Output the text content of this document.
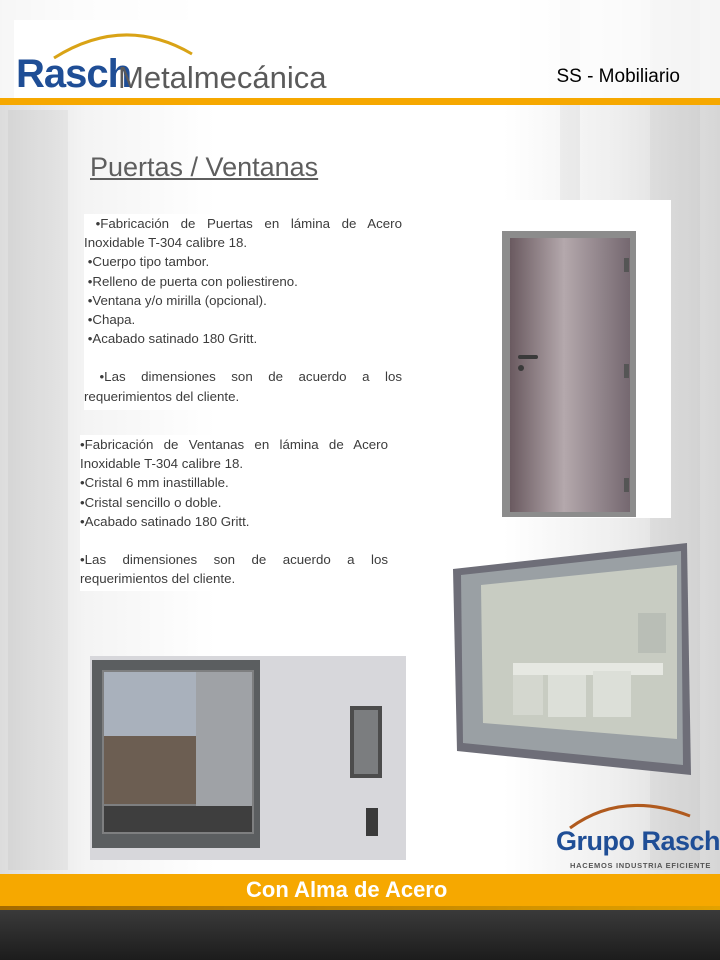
Rasch
Metalmecánica	SS - Mobiliario
Puertas / Ventanas

•Fabricación de Puertas en lámina de Acero Inoxidable T-304 calibre 18.

•Cuerpo tipo tambor.

•Relleno de puerta con poliestireno.

•Ventana y/o mirilla (opcional).

•Chapa.

•Acabado satinado 180 Gritt.

•Las dimensiones son de acuerdo a los requerimientos del cliente.

•Fabricación de Ventanas en lámina de Acero Inoxidable T-304 calibre 18.

•Cristal 6 mm inastillable.

•Cristal sencillo o doble.

•Acabado satinado 180 Gritt.

•Las dimensiones son de acuerdo a los requerimientos del cliente.

Grupo Rasch
HACEMOS INDUSTRIA EFICIENTE
Con Alma de Acero
